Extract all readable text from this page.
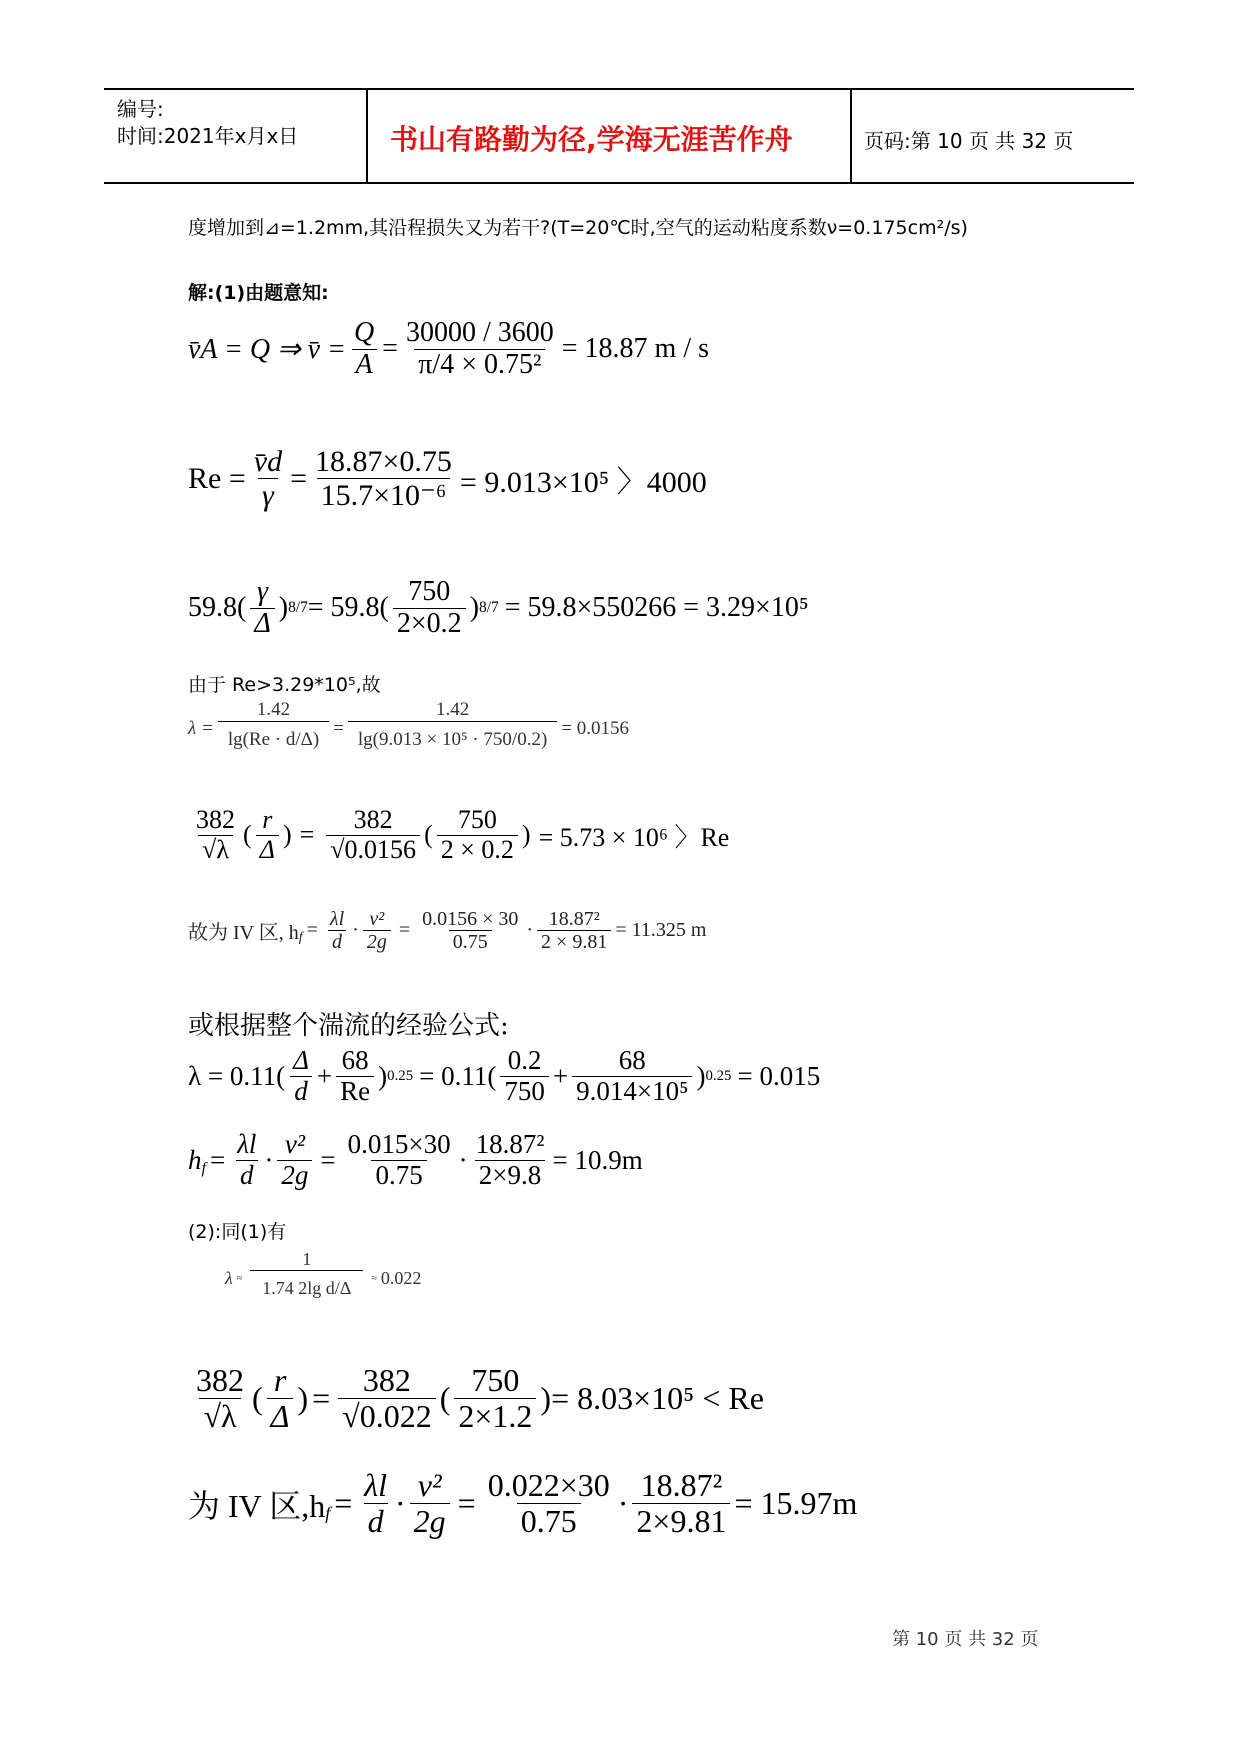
编号:
时间:2021年x月x日	书山有路勤为径,学海无涯苦作舟	页码:第 10 页 共 32 页
度增加到⊿=1.2mm,其沿程损失又为若干?(T=20℃时,空气的运动粘度系数ν=0.175cm²/s)
解:(1)由题意知:
v̄A = Q ⇒ v̄ = $\frac{Q}{A} = \frac{30000 / 3600}{\text{π/4 × 0.75²}} = 18.87$ m / s
$Re = \frac{v̄d}{\gamma} = \frac{18.87\times 0.75}{\text{15.7×10⁻⁶}} = 9.013\times 10^5$ 〉4000
$59.8( \frac{\gamma}{\Delta}$ ) $8/7 = 59.8( \frac{750}{2\times 0.2}$ ) 8/7 = 59.8×550266 = 3.29×10⁵
由于 Re>3.29*10⁵,故
$\lambda = \frac{1.42}{\lg(Re \cdot d/\Delta)} = \frac{1.42}{\text{lg(9.013 × 10⁵ · 750/0.2)}} = 0.0156$
$\frac{382}{√\lambda}$ ( $\frac{r}{\Delta}$ ) = $\frac{382}{√0.0156}$ ( $\frac{750}{2 \times 0.2}$ ) = 5.73 × 10⁶ 〉Re
故为 IV 区, h $f = \frac{\lambda l}{d} \cdot \frac{\text{v²}}{2g} = \frac{0.0156 \times 30}{0.75} \cdot \frac{\text{18.87²}}{2 \times 9.81} = 11.325$ m
或根据整个湍流的经验公式:
$\lambda = 0.11( \frac{\Delta}{d} + \frac{68}{Re}$ ) $0.25 = 0.11( \frac{0.2}{750} + \frac{68}{\text{9.014×10⁵}}$ ) 0.25 = 0.015
h $f = \frac{\lambda l}{d} \cdot \frac{\text{v²}}{2g} = \frac{0.015\times 30}{0.75} \cdot \frac{\text{18.87²}}{2\times 9.8} = 10.9m$
(2):同(1)有
$\lambda \approx \frac{1}{\text{1.74 2lg d/Δ}} \approx 0.022$
$\frac{382}{√\lambda}$ ( $\frac{r}{\Delta}$ ) = $\frac{382}{√0.022}$ ( $\frac{750}{2\times 1.2}$ ) = 8.03×10⁵ < Re
为 IV 区,h $f = \frac{\lambda l}{d} \cdot \frac{\text{v²}}{2g} = \frac{0.022\times 30}{0.75} \cdot \frac{\text{18.87²}}{2\times 9.81} = 15.97m$
第 10 页 共 32 页
